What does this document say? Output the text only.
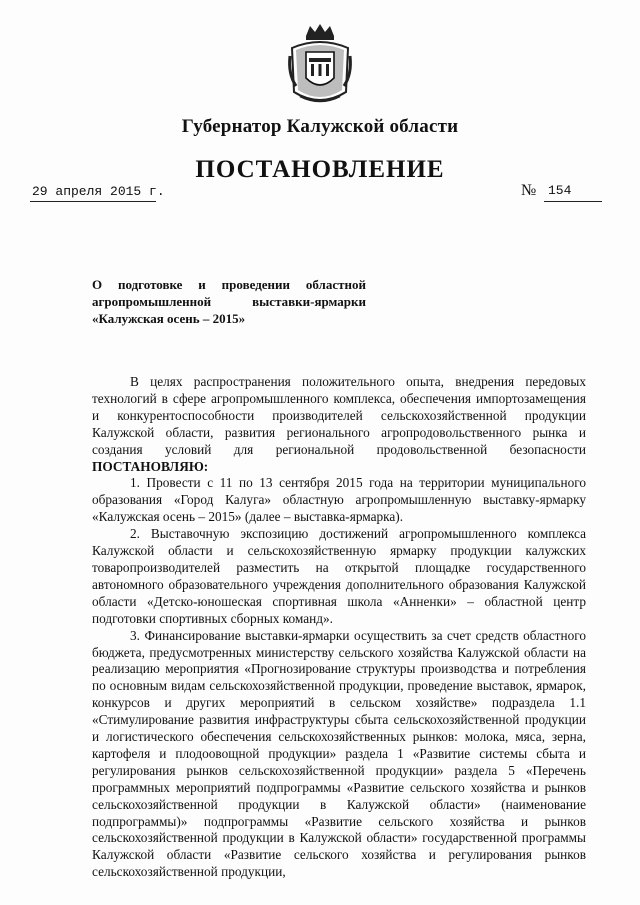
Губернатор Калужской области
ПОСТАНОВЛЕНИЕ
29 апреля 2015 г.	№ 154
О подготовке и проведении областной
агропромышленной выставки-ярмарки
«Калужская осень – 2015»

В целях распространения положительного опыта, внедрения передовых технологий в сфере агропромышленного комплекса, обеспечения импортозамещения и конкурентоспособности производителей сельскохозяйственной продукции Калужской области, развития регионального агропродовольственного рынка и создания условий для региональной продовольственной безопасности ПОСТАНОВЛЯЮ:

1. Провести с 11 по 13 сентября 2015 года на территории муниципального образования «Город Калуга» областную агропромышленную выставку-ярмарку «Калужская осень – 2015» (далее – выставка-ярмарка).

2. Выставочную экспозицию достижений агропромышленного комплекса Калужской области и сельскохозяйственную ярмарку продукции калужских товаропроизводителей разместить на открытой площадке государственного автономного образовательного учреждения дополнительного образования Калужской области «Детско-юношеская спортивная школа «Анненки» – областной центр подготовки спортивных сборных команд».

3. Финансирование выставки-ярмарки осуществить за счет средств областного бюджета, предусмотренных министерству сельского хозяйства Калужской области на реализацию мероприятия «Прогнозирование структуры производства и потребления по основным видам сельскохозяйственной продукции, проведение выставок, ярмарок, конкурсов и других мероприятий в сельском хозяйстве» подраздела 1.1 «Стимулирование развития инфраструктуры сбыта сельскохозяйственной продукции и логистического обеспечения сельскохозяйственных рынков: молока, мяса, зерна, картофеля и плодоовощной продукции» раздела 1 «Развитие системы сбыта и регулирования рынков сельскохозяйственной продукции» раздела 5 «Перечень программных мероприятий подпрограммы «Развитие сельского хозяйства и рынков сельскохозяйственной продукции в Калужской области» (наименование подпрограммы)» подпрограммы «Развитие сельского хозяйства и рынков сельскохозяйственной продукции в Калужской области» государственной программы Калужской области «Развитие сельского хозяйства и регулирования рынков сельскохозяйственной продукции,
